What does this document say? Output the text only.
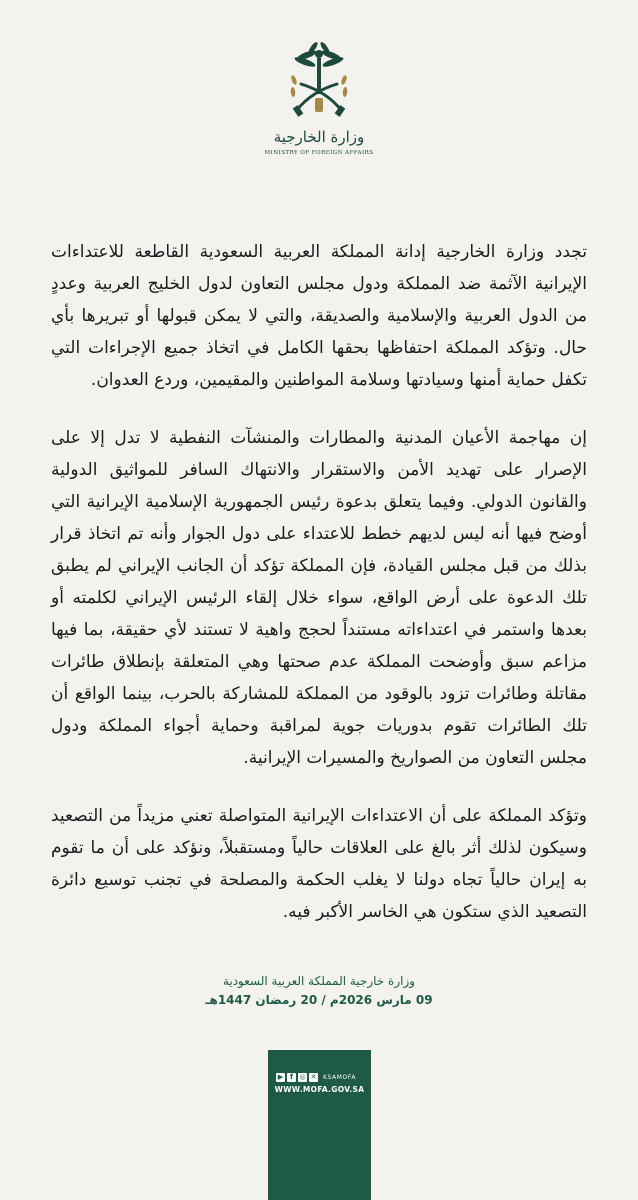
وزارة الخارجية
MINISTRY OF FOREIGN AFFAIRS

تجدد وزارة الخارجية إدانة المملكة العربية السعودية القاطعة للاعتداءات الإيرانية الآثمة ضد المملكة ودول مجلس التعاون لدول الخليج العربية وعددٍ من الدول العربية والإسلامية والصديقة، والتي لا يمكن قبولها أو تبريرها بأي حال. وتؤكد المملكة احتفاظها بحقها الكامل في اتخاذ جميع الإجراءات التي تكفل حماية أمنها وسيادتها وسلامة المواطنين والمقيمين، وردع العدوان.

إن مهاجمة الأعيان المدنية والمطارات والمنشآت النفطية لا تدل إلا على الإصرار على تهديد الأمن والاستقرار والانتهاك السافر للمواثيق الدولية والقانون الدولي. وفيما يتعلق بدعوة رئيس الجمهورية الإسلامية الإيرانية التي أوضح فيها أنه ليس لديهم خطط للاعتداء على دول الجوار وأنه تم اتخاذ قرار بذلك من قبل مجلس القيادة، فإن المملكة تؤكد أن الجانب الإيراني لم يطبق تلك الدعوة على أرض الواقع، سواء خلال إلقاء الرئيس الإيراني لكلمته أو بعدها واستمر في اعتداءاته مستنداً لحجج واهية لا تستند لأي حقيقة، بما فيها مزاعم سبق وأوضحت المملكة عدم صحتها وهي المتعلقة بإنطلاق طائرات مقاتلة وطائرات تزود بالوقود من المملكة للمشاركة بالحرب، بينما الواقع أن تلك الطائرات تقوم بدوريات جوية لمراقبة وحماية أجواء المملكة ودول مجلس التعاون من الصواريخ والمسيرات الإيرانية.

وتؤكد المملكة على أن الاعتداءات الإيرانية المتواصلة تعني مزيداً من التصعيد وسيكون لذلك أثر بالغ على العلاقات حالياً ومستقبلاً، ونؤكد على أن ما تقوم به إيران حالياً تجاه دولنا لا يغلب الحكمة والمصلحة في تجنب توسيع دائرة التصعيد الذي ستكون هي الخاسر الأكبر فيه.

وزارة خارجية المملكة العربية السعودية
09 مارس 2026م / 20 رمضان 1447هـ
▶ f ◎ ✕ KSAMOFA
WWW.MOFA.GOV.SA
